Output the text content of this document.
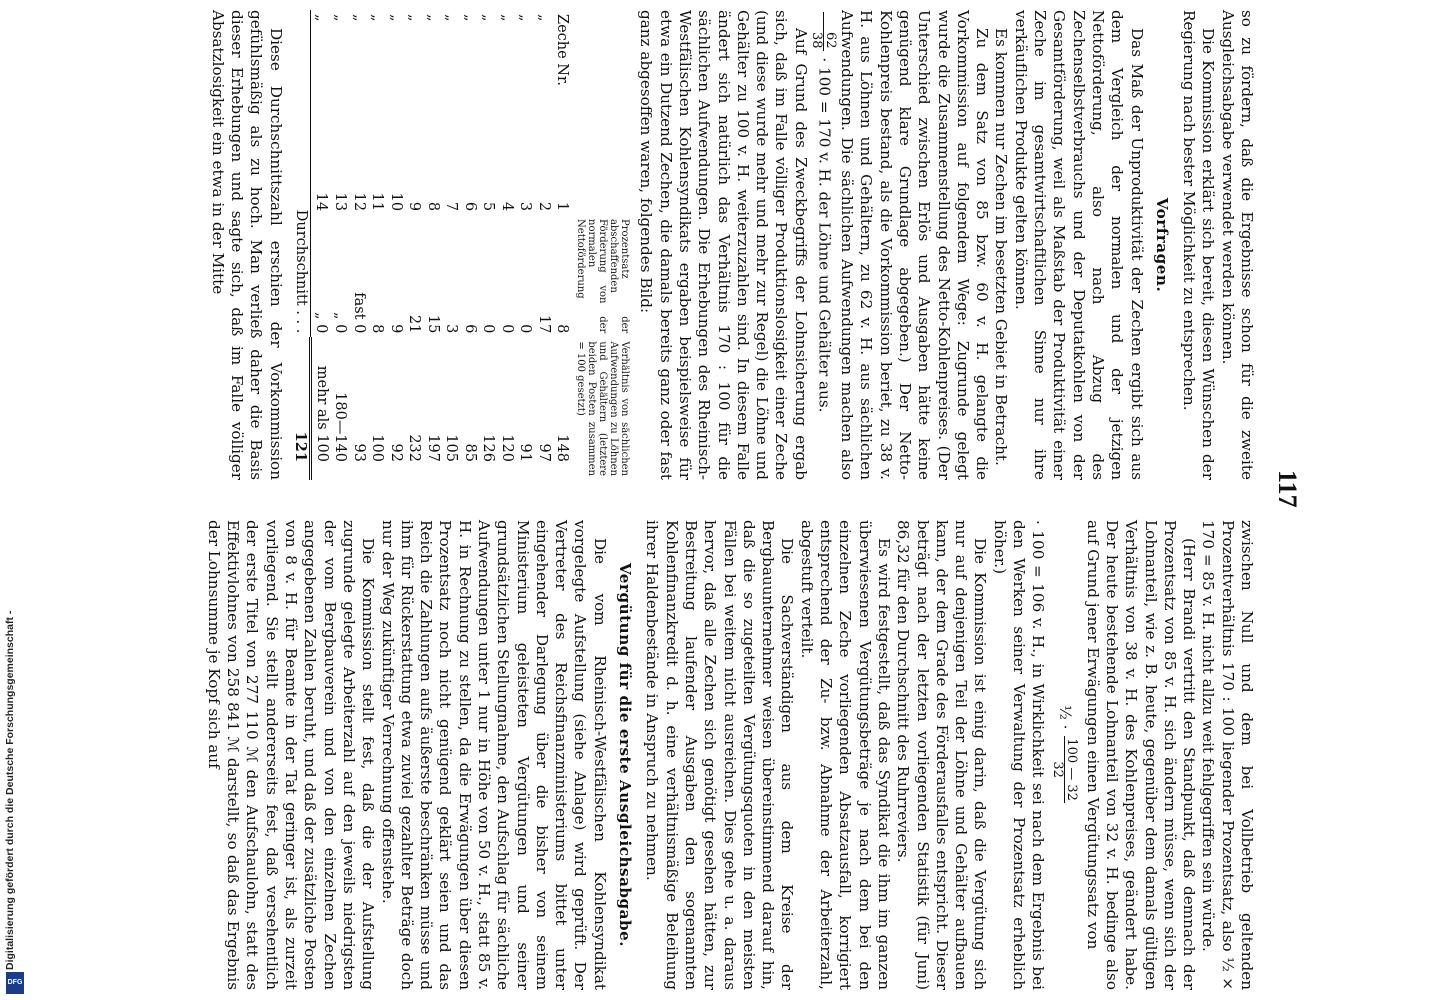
Digitalisierung gefördert durch die Deutsche Forschungsgemeinschaft -
DFG
117

so zu fördern, daß die Ergebnisse schon für die zweite Ausgleichsabgabe verwendet werden können.

Die Kommission erklärt sich bereit, diesen Wünschen der Regierung nach bester Möglichkeit zu entsprechen.

Vorfragen.

Das Maß der Unproduktivität der Zechen ergibt sich aus dem Vergleich der normalen und der jetzigen Nettoförderung, also nach Abzug des Zechenselbstverbrauchs und der Deputatkohlen von der Gesamtförderung, weil als Maßstab der Produktivität einer Zeche im gesamtwirtschaftlichen Sinne nur ihre verkäuflichen Produkte gelten können.

Es kommen nur Zechen im besetzten Gebiet in Betracht.

Zu dem Satz von 85 bzw. 60 v. H. gelangte die Vorkommission auf folgendem Wege: Zugrunde gelegt wurde die Zusammenstellung des Netto-Kohlenpreises. (Der Unterschied zwischen Erlös und Ausgaben hätte keine genügend klare Grundlage abgegeben.) Der Netto-Kohlenpreis bestand, als die Vorkommission beriet, zu 38 v. H. aus Löhnen und Gehältern, zu 62 v. H. aus sächlichen Aufwendungen. Die sächlichen Aufwendungen machen also
62
38
· 100 = 170 v. H. der Löhne und Gehälter aus.

Auf Grund des Zweckbegriffs der Lohnsicherung ergab sich, daß im Falle völliger Produktionslosigkeit einer Zeche (und diese wurde mehr und mehr zur Regel) die Löhne und Gehälter zu 100 v. H. weiterzuzahlen sind. In diesem Falle ändert sich natürlich das Verhältnis 170 : 100 für die sächlichen Aufwendungen. Die Erhebungen des Rheinisch-Westfälischen Kohlensyndikats ergaben beispielsweise für etwa ein Dutzend Zechen, die damals bereits ganz oder fast ganz abgesoffen waren, folgendes Bild:

		Prozentsatz der abschaffenden Förderung von der normalen Nettoförderung	Verhältnis von sächlichen Aufwendungen zu Löhnen und Gehältern (letztere beiden Posten zusammen = 100 gesetzt)
Zeche Nr.	1	8	148
„	2	17	97
„	3	0	91
„	4	0	120
„	5	0	126
„	6	6	85
„	7	3	105
„	8	15	197
„	9	21	232
„	10	9	92
„	11	8	100
„	12	fast 0	93
„	13	„ 0	180—140
„	14	„ 0	mehr als 100
Durchschnitt . . .			121

Diese Durchschnittszahl erschien der Vorkommission gefühlsmäßig als zu hoch. Man verließ daher die Basis dieser Erhebungen und sagte sich, daß im Falle völliger Absatzlosigkeit ein etwa in der Mitte

zwischen Null und dem bei Vollbetrieb geltenden Prozentverhältnis 170 : 100 liegender Prozentsatz, also ½ × 170 = 85 v. H. nicht allzu weit fehlgegriffen sein würde.

(Herr Brandi vertritt den Standpunkt, daß demnach der Prozentsatz von 85 v. H. sich ändern müsse, wenn sich der Lohnanteil, wie z. B. heute, gegenüber dem damals gültigen Verhältnis von 38 v. H. des Kohlenpreises, geändert habe. Der heute bestehende Lohnanteil von 32 v. H. bedinge also auf Grund jener Erwägungen einen Vergütungssatz von

½ ·
100 — 32
32

· 100 = 106 v. H., in Wirklichkeit sei nach dem Ergebnis bei den Werken seiner Verwaltung der Prozentsatz erheblich höher.)

Die Kommission ist einig darin, daß die Vergütung sich nur auf denjenigen Teil der Löhne und Gehälter aufbauen kann, der dem Grade des Förderausfalles entspricht. Dieser beträgt nach der letzten vorliegenden Statistik (für Juni) 86,32 für den Durchschnitt des Ruhrreviers.

Es wird festgestellt, daß das Syndikat die ihm im ganzen überwiesenen Vergütungsbeträge je nach dem bei den einzelnen Zeche vorliegenden Absatzausfall, korrigiert entsprechend der Zu- bzw. Abnahme der Arbeiterzahl, abgestuft verteilt.

Die Sachverständigen aus dem Kreise der Bergbauunternehmer weisen übereinstimmend darauf hin, daß die so zugeteilten Vergütungsquoten in den meisten Fällen bei weitem nicht ausreichen. Dies gehe u. a. daraus hervor, daß alle Zechen sich genötigt gesehen hätten, zur Bestreitung laufender Ausgaben den sogenannten Kohlenfinanzkredit d. h. eine verhältnismäßige Beleihung ihrer Haldenbestände in Anspruch zu nehmen.

Vergütung für die erste Ausgleichsabgabe.

Die vom Rheinisch-Westfälischen Kohlensyndikat vorgelegte Aufstellung (siehe Anlage) wird geprüft. Der Vertreter des Reichsfinanzministeriums bittet unter eingehender Darlegung über die bisher von seinem Ministerium geleisteten Vergütungen und seiner grundsätzlichen Stellungnahme, den Aufschlag für sächliche Aufwendungen unter 1 nur in Höhe von 50 v. H., statt 85 v. H. in Rechnung zu stellen, da die Erwägungen über diesen Prozentsatz noch nicht genügend geklärt seien und das Reich die Zahlungen aufs äußerste beschränken müsse und ihm für Rückerstattung etwa zuviel gezahlter Beträge doch nur der Weg zukünftiger Verrechnung offenstehe.

Die Kommission stellt fest, daß die der Aufstellung zugrunde gelegte Arbeiterzahl auf den jeweils niedrigsten der vom Bergbauverein und von den einzelnen Zechen angegebenen Zahlen beruht, und daß der zusätzliche Posten von 8 v. H. für Beamte in der Tat geringer ist, als zurzeit vorliegend. Sie stellt andererseits fest, daß versehentlich der erste Titel von 277 110 ℳ den Aufschaulohn, statt des Effektivlohnes von 258 841 ℳ darstellt, so daß das Ergebnis der Lohnsumme je Kopf sich auf
